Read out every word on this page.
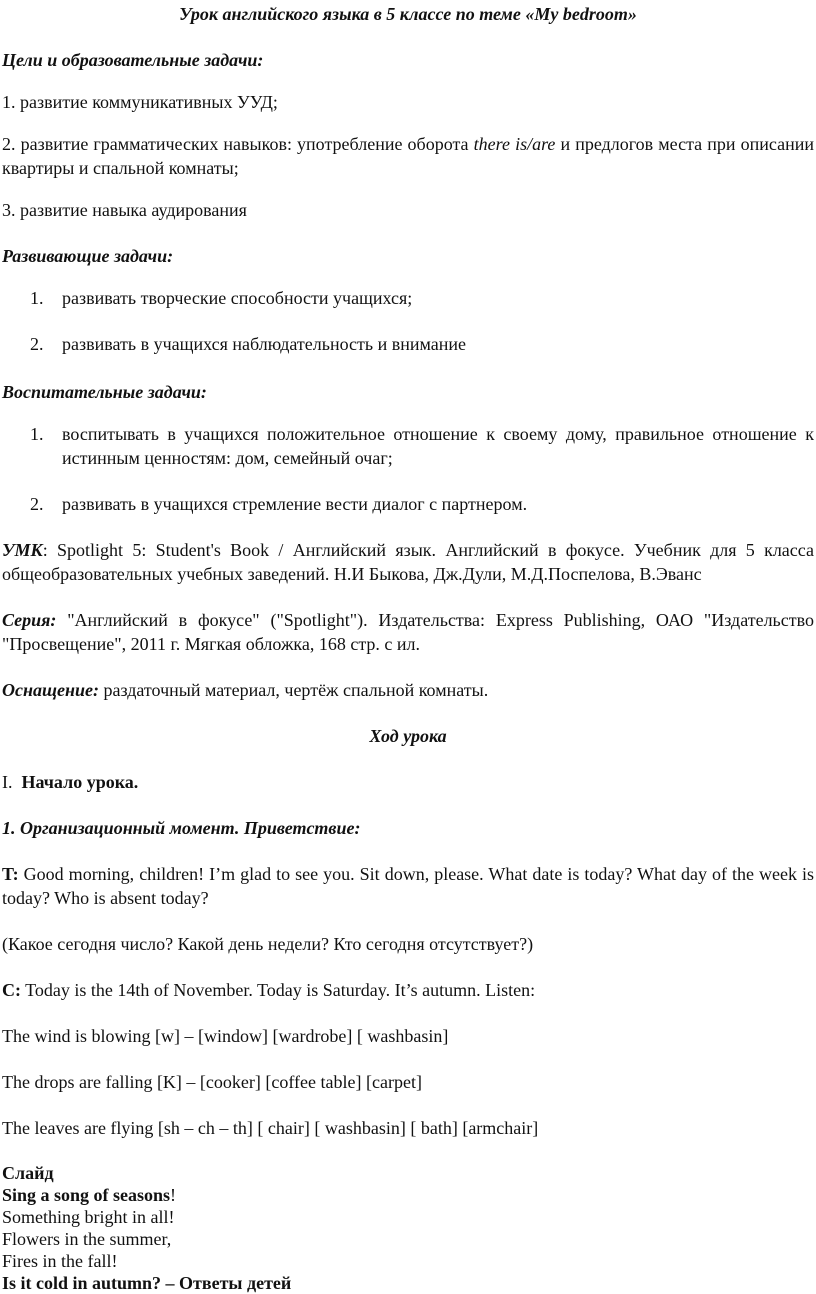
Урок английского языка в 5 классе по теме «My bedroom»

Цели и образовательные задачи:

1. развитие коммуникативных УУД;

2. развитие грамматических навыков: употребление оборота there is/are и предлогов места при описании квартиры и спальной комнаты;

3. развитие навыка аудирования

Развивающие задачи:

1. развивать творческие способности учащихся;
2. развивать в учащихся наблюдательность и внимание

Воспитательные задачи:

1. воспитывать в учащихся положительное отношение к своему дому, правильное отношение к истинным ценностям: дом, семейный очаг;
2. развивать в учащихся стремление вести диалог с партнером.

УМК: Spotlight 5: Student's Book / Английский язык. Английский в фокусе. Учебник для 5 класса общеобразовательных учебных заведений. Н.И Быкова, Дж.Дули, М.Д.Поспелова, В.Эванс

Серия: "Английский в фокусе" ("Spotlight"). Издательства: Express Publishing, ОАО "Издательство "Просвещение", 2011 г. Мягкая обложка, 168 стр. с ил.

Оснащение: раздаточный материал, чертёж спальной комнаты.

Ход урока

I. Начало урока.

1. Организационный момент. Приветствие:

T: Good morning, children! I’m glad to see you. Sit down, please. What date is today? What day of the week is today? Who is absent today?

(Какое сегодня число? Какой день недели? Кто сегодня отсутствует?)

C: Today is the 14th of November. Today is Saturday. It’s autumn. Listen:

The wind is blowing [w] – [window] [wardrobe] [ washbasin]

The drops are falling [K] – [cooker] [coffee table] [carpet]

The leaves are flying [sh – ch – th] [ chair] [ washbasin] [ bath] [armchair]

Слайд

Sing a song of seasons!

Something bright in all!

Flowers in the summer,

Fires in the fall!

Is it cold in autumn? – Ответы детей
